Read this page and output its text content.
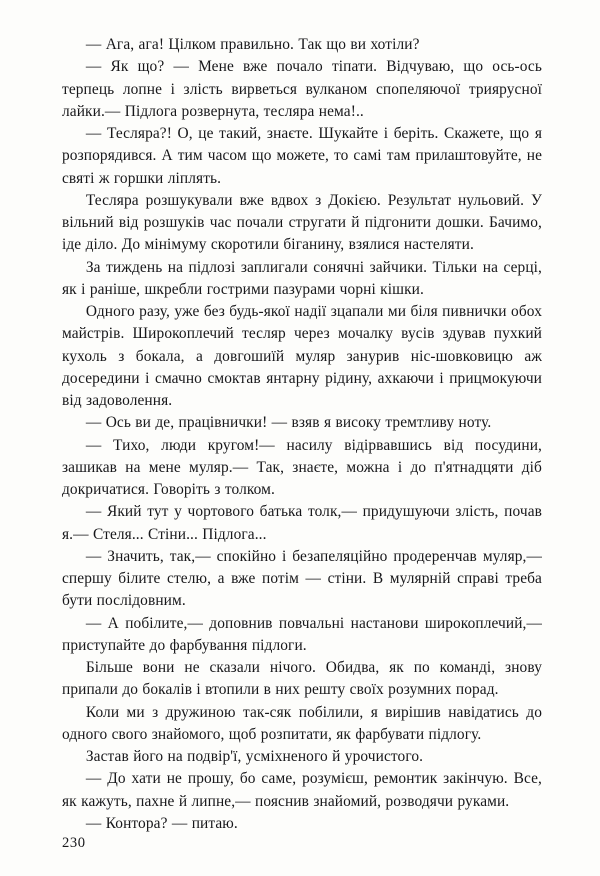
— Ага, ага! Цілком правильно. Так що ви хотіли?

— Як що? — Мене вже почало тіпати. Відчуваю, що ось-ось терпець лопне і злість вирветься вулканом спопеляючої триярусної лайки.— Підлога розвернута, тесляра нема!..

— Тесляра?! О, це такий, знаєте. Шукайте і беріть. Скажете, що я розпорядився. А тим часом що можете, то самі там прилаштовуйте, не святі ж горшки ліплять.

Тесляра розшукували вже вдвох з Докією. Результат нульовий. У вільний від розшуків час почали стругати й підгонити дошки. Бачимо, іде діло. До мінімуму скоротили біганину, взялися настеляти.

За тиждень на підлозі заплигали сонячні зайчики. Тільки на серці, як і раніше, шкребли гострими пазурами чорні кішки.

Одного разу, уже без будь-якої надії зцапали ми біля пивнички обох майстрів. Широкоплечий тесляр через мочалку вусів здував пухкий кухоль з бокала, а довгошиїй муляр занурив ніс-шовковицю аж досередини і смачно смоктав янтарну рідину, ахкаючи і прицмокуючи від задоволення.

— Ось ви де, працівнички! — взяв я високу тремтливу ноту.

— Тихо, люди кругом!— насилу відірвавшись від посудини, зашикав на мене муляр.— Так, знаєте, можна і до п'ятнадцяти діб докричатися. Говоріть з толком.

— Який тут у чортового батька толк,— придушуючи злість, почав я.— Стеля... Стіни... Підлога...

— Значить, так,— спокійно і безапеляційно продеренчав муляр,— спершу білите стелю, а вже потім — стіни. В мулярній справі треба бути послідовним.

— А побілите,— доповнив повчальні настанови широкоплечий,— приступайте до фарбування підлоги.

Більше вони не сказали нічого. Обидва, як по команді, знову припали до бокалів і втопили в них решту своїх розумних порад.

Коли ми з дружиною так-сяк побілили, я вирішив навідатись до одного свого знайомого, щоб розпитати, як фарбувати підлогу.

Застав його на подвір'ї, усміхненого й урочистого.

— До хати не прошу, бо саме, розумієш, ремонтик закінчую. Все, як кажуть, пахне й липне,— пояснив знайомий, розводячи руками.

— Контора? — питаю.

230
